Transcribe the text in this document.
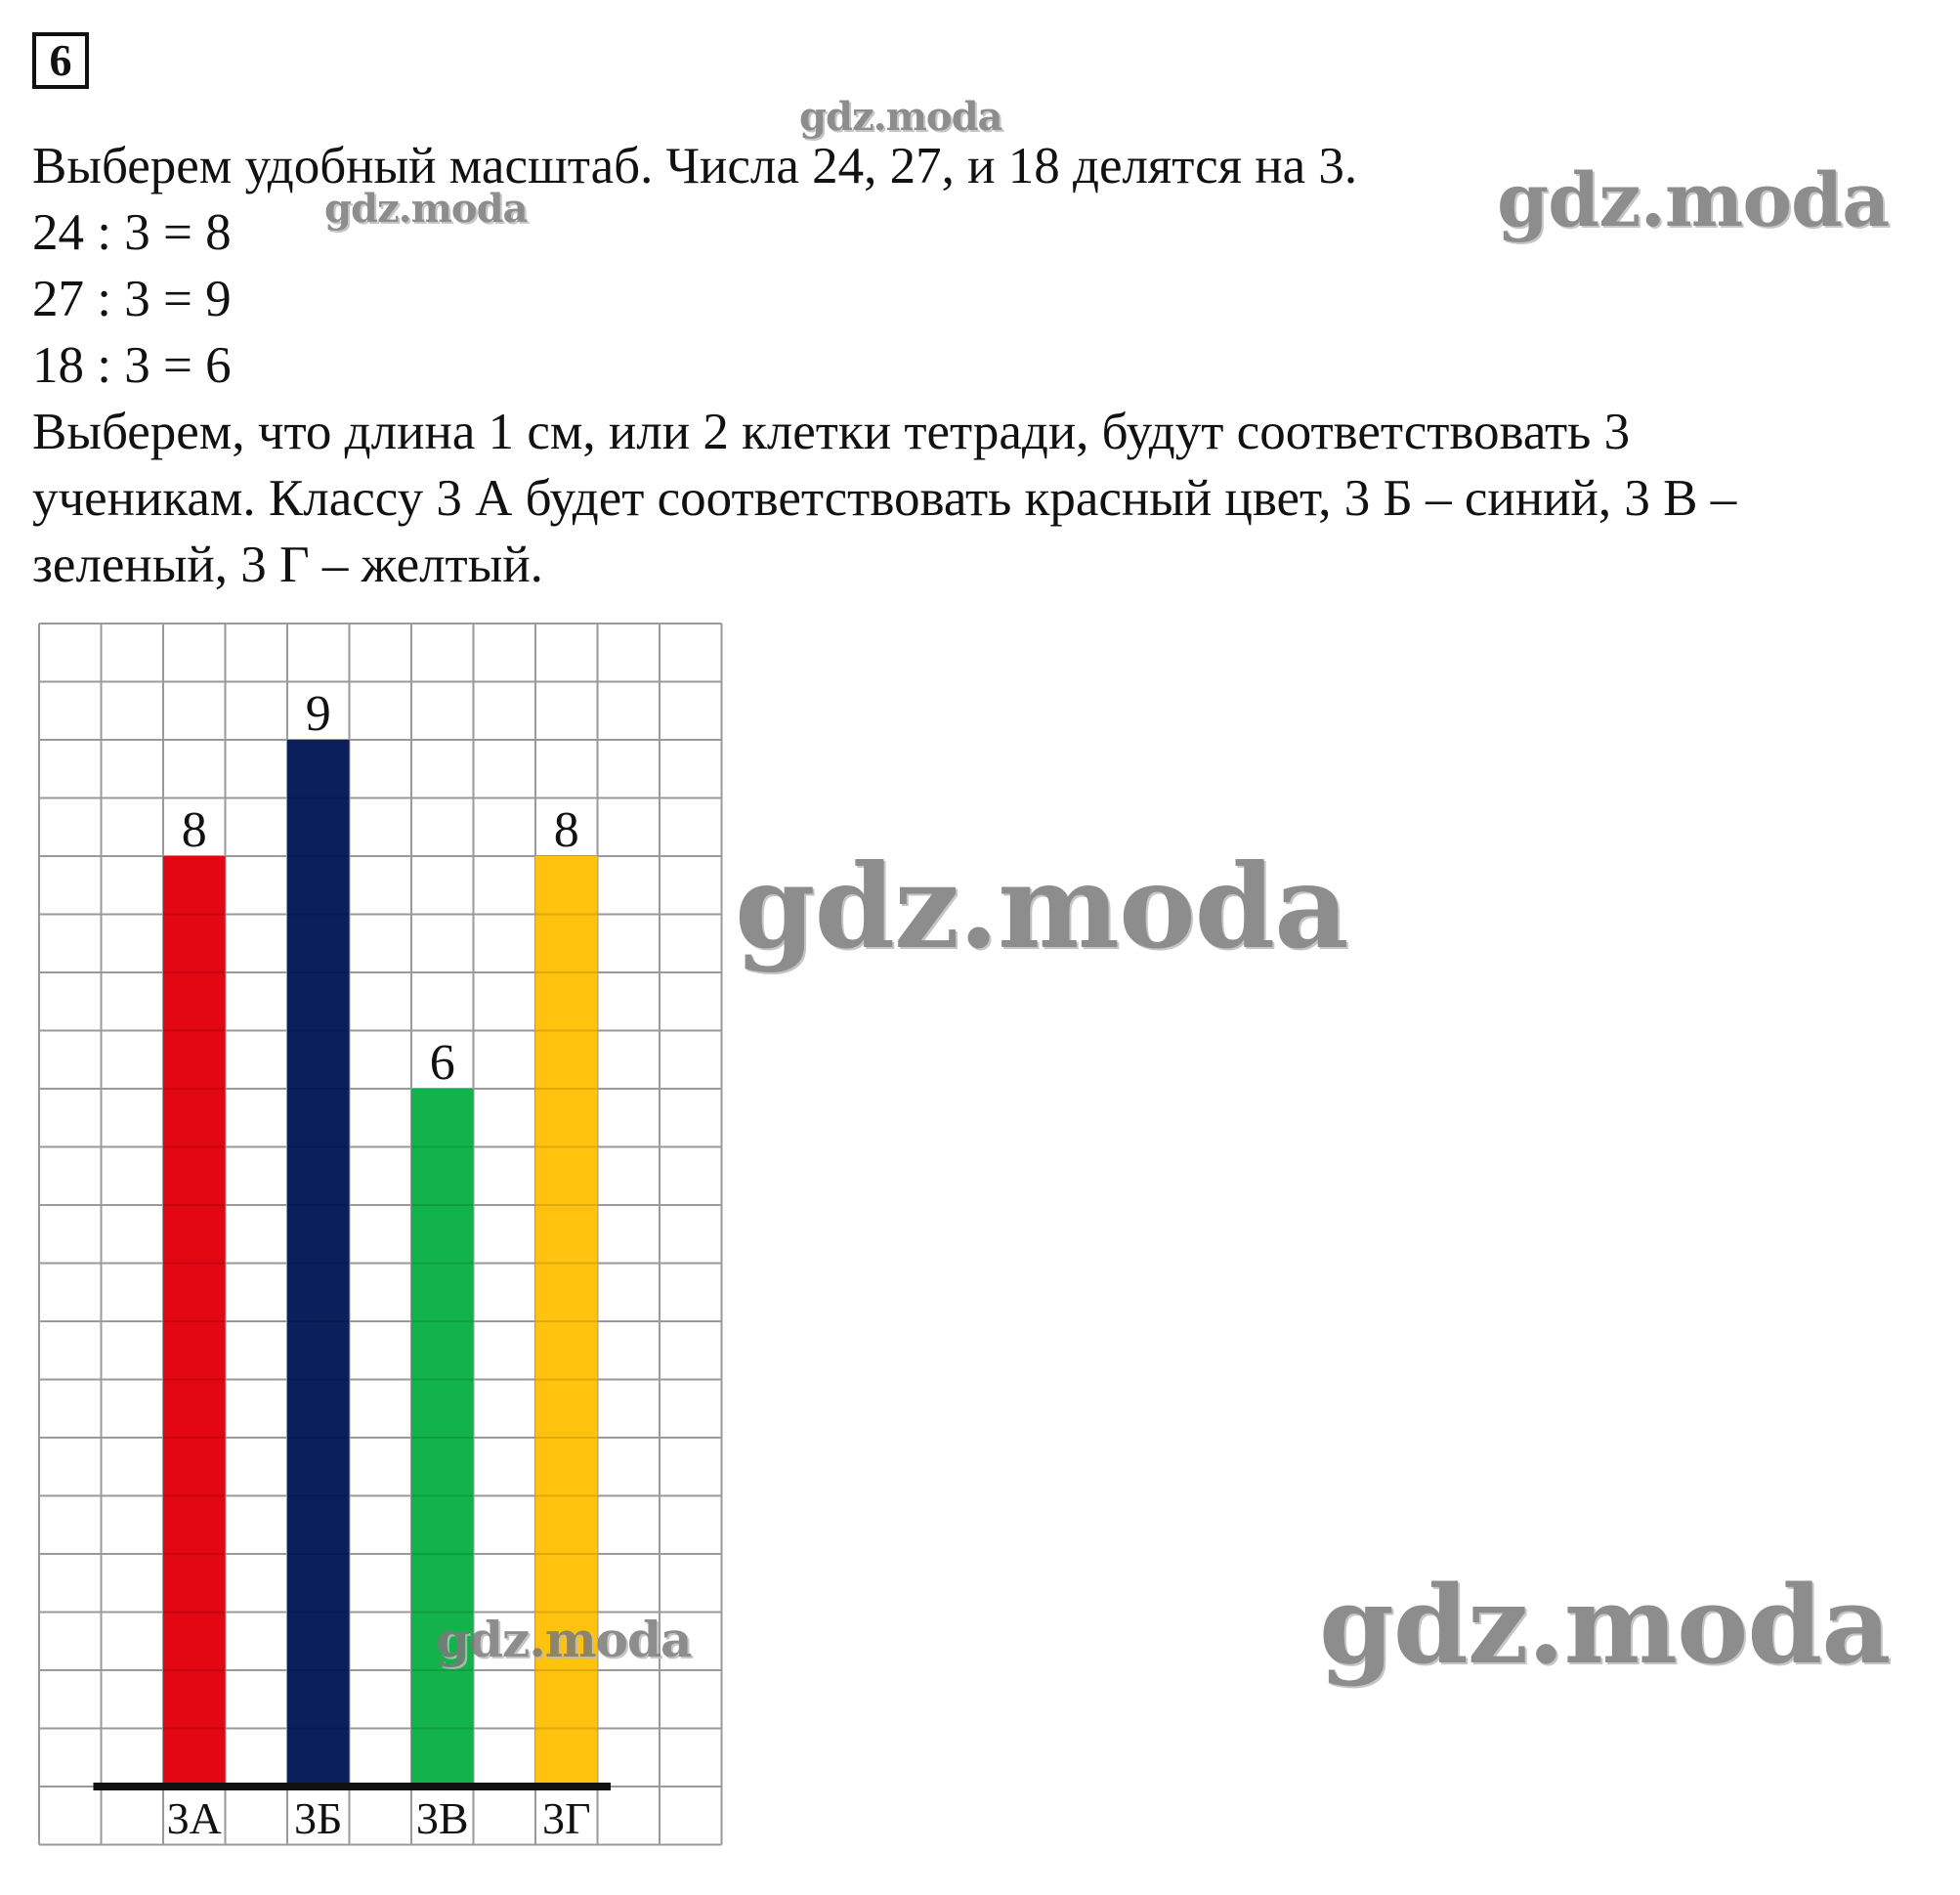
6

Выберем удобный масштаб. Числа 24, 27, и 18 делятся на 3.

24 : 3 = 8

27 : 3 = 9

18 : 3 = 6

Выберем, что длина 1 см, или 2 клетки тетради, будут соответствовать 3

ученикам. Классу 3 А будет соответствовать красный цвет, 3 Б – синий, 3 В –

зеленый, 3 Г – желтый.

8
3А
9
3Б
6
3В
8
3Г
gdz.moda
gdz.moda	gdz.moda
gdz.moda
gdz.moda
gdz.moda
